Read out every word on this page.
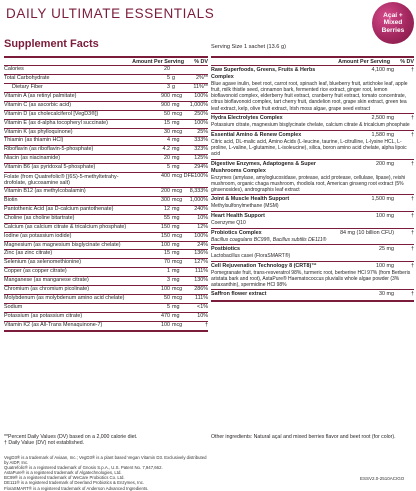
DAILY ULTIMATE ESSENTIALS	Açaí +
Mixed
Berries
Supplement Facts	Serving Size 1 sachet (13.6 g)
Amount Per Serving	% DV
Calories	20
Total Carbohydrate	5 g	2%**
Dietary Fiber	3 g	11%**
Vitamin A (as retinyl palmitate)	900 mcg	100%
Vitamin C (as ascorbic acid)	900 mg	1,000%
Vitamin D (as cholecalciferol [VegD3®])	50 mcg	250%
Vitamin E (as d-alpha tocopheryl succinate)	15 mg	100%
Vitamin K (as phylloquinone)	30 mcg	25%
Thiamin (as thiamin HCl)	4 mg	333%
Riboflavin (as riboflavin-5-phosphate)	4.2 mg	323%
Niacin (as niacinamide)	20 mg	125%
Vitamin B6 (as pyridoxal 5-phosphate)	5 mg	294%
Folate (from Quatrefolic® [(6S)-5-methyltetrahy-drofolate, glucosamine salt)
400 mcg DFE 100%
Vitamin B12 (as methylcobalamin)	200 mcg	8,333%
Biotin	300 mcg	1,000%
Pantothenic Acid (as D-calcium pantothenate)	12 mg	240%
Choline (as choline bitartrate)	55 mg	10%
Calcium (as calcium citrate & tricalcium phosphate)	150 mg	12%
Iodine (as potassium iodide)	150 mcg	100%
Magnesium (as magnesium bisglycinate chelate)	100 mg	24%
Zinc (as zinc citrate)	15 mg	136%
Selenium (as selenomethionine)	70 mcg	127%
Copper (as copper citrate)	1 mg	111%
Manganese (as manganese citrate)	3 mg	130%
Chromium (as chromium picolinate)	100 mcg	286%
Molybdenum (as molybdenum amino acid chelate)	50 mcg	111%
Sodium	5 mg	<1%
Potassium (as potassium citrate)	470 mg	10%
Vitamin K2 (as All-Trans Menaquinone-7)	100 mcg	†
Amount Per Serving	% DV
Raw Superfoods, Greens, Fruits & Herbs Complex
4,100 mg	†
Blue agave inulin, beet root, carrot root, spinach leaf, blueberry fruit, artichoke leaf, apple fruit, milk thistle seed, cinnamon bark, fermented rice extract, ginger root, lemon bioflavonoid complex, elderberry fruit extract, cranberry fruit extract, tomato concentrate, citrus bioflavonoid complex, tart cherry fruit, dandelion root, grape skin extract, green tea leaf extract, kelp, olive fruit extract, Irish moss algae, grape seed extract
Hydra Electrolytes Complex	2,500 mg	†
Potassium citrate, magnesium bisglycinate chelate, calcium citrate & tricalcium phosphate
Essential Amino & Renew Complex	1,580 mg	†
Citric acid, DL-malic acid, Amino Acids (L-leucine, taurine, L-citrulline, L-lysine HCL, L-proline, L-valine, L-glutamine, L-isoleucine), silica, boron amino acid chelate, alpha lipoic acid
Digestive Enzymes, Adaptogens & Super Mushrooms Complex
200 mg	†
Enzymes (amylase, amyloglucosidase, protease, acid protease, cellulase, lipase), reishi mushroom, organic chaga mushroom, rhodiola root, American ginseng root extract (5% ginsenosides), andrographis leaf extract
Joint & Muscle Health Support	1,500 mg	†
Methylsulfonylmethane (MSM)
Heart Health Support	100 mg	†
Coenzyme Q10
Probiotics Complex	84 mg (10 billion CFU)	†
Bacillus coagulans BC99®, Bacillus subtilis DE111®
Postbiotics	25 mg	†
Lactobacillus casei (FloraSMART®)
Cell Rejuvenation Technology 8 (CRT8)™	100 mg	†
Pomegranate fruit, trans-resveratrol 98%, turmeric root, berberine HCl 97% (from Berberis aristata bark and root), AstaPure® Haematococcus pluvialis whole algae powder (3% astaxanthin), spermidine HCl 98%
Saffron flower extract	30 mg	†
**Percent Daily Values (DV) based on a 2,000 calorie diet.
† Daily Value (DV) not established.
VegD3® is a trademark of Aviaan, Inc.; VegD3® is a plant based Vegan Vitamin D3. Exclusively distributed by AIDP, Inc.
Quatrefolic® is a registered trademark of Gnosis S.p.A., U.S. Patent No. 7,947,662.
AstaPure® is a registered trademark of Algatechnologies, Ltd.
BC99® is a registered trademark of WeCare Probiotics Co. Ltd.
DE111® is a registered trademark of Deerland Probiotics & Enzymes, Inc.
FloraSMART® is a registered trademark of Anderson Advanced Ingredients.
Other ingredients: Natural açaí and mixed berries flavor and beet root (for color).
ESSV2.0-2510ACIGO
